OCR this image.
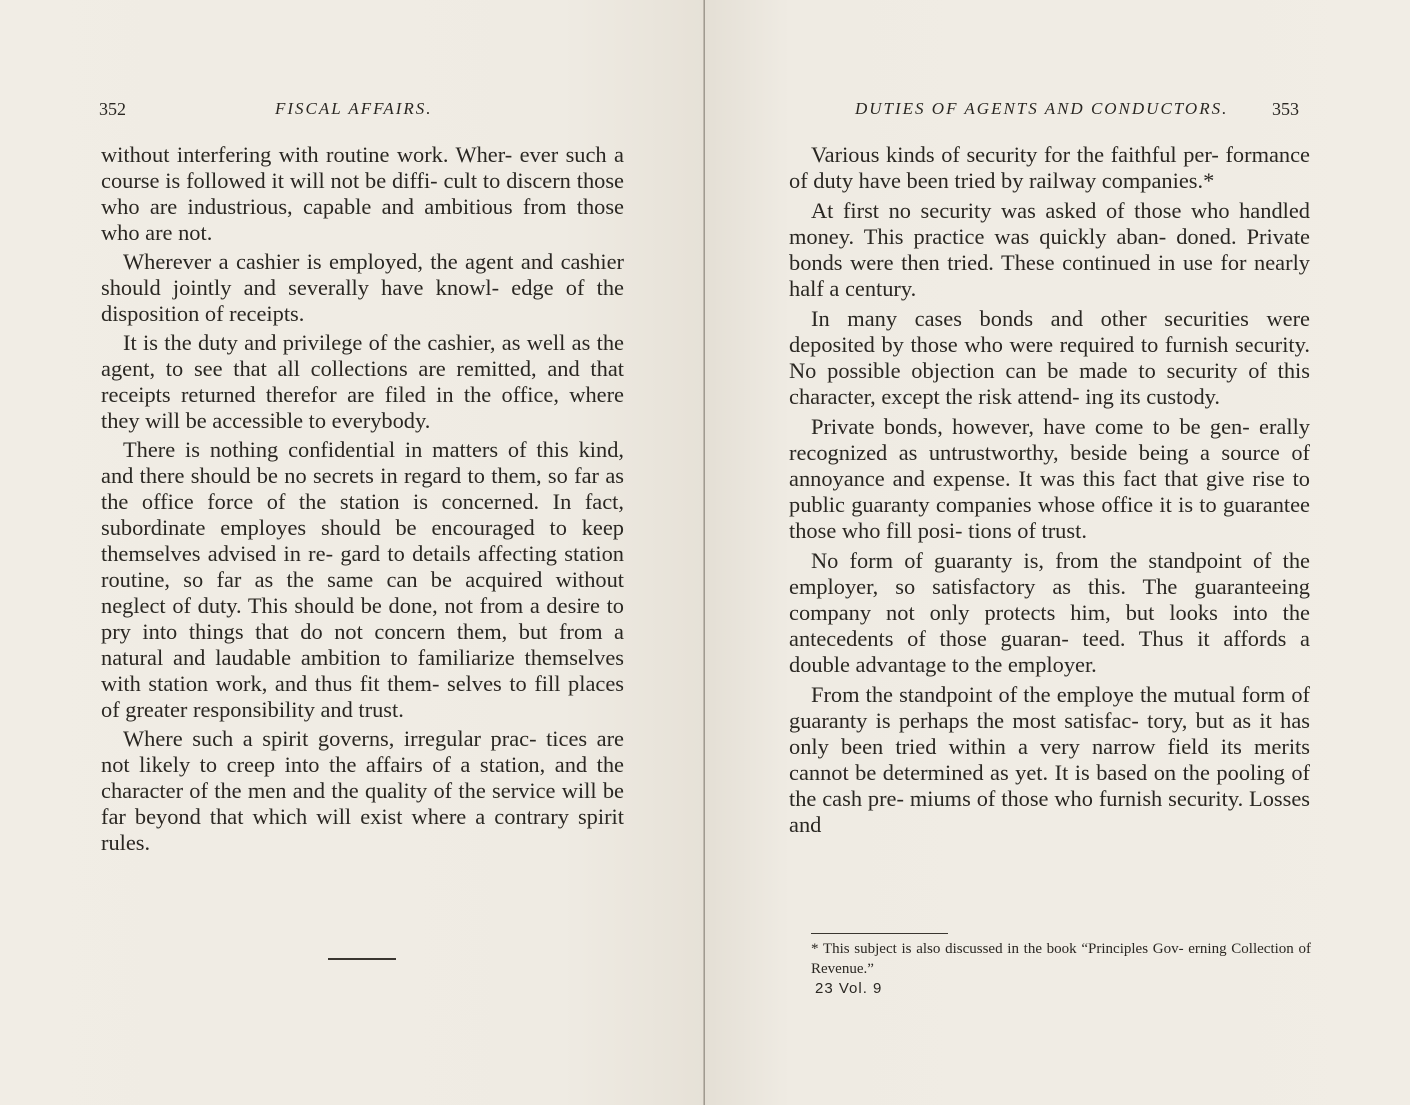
352	FISCAL AFFAIRS.

without interfering with routine work. Wher- ever such a course is followed it will not be diffi- cult to discern those who are industrious, capable and ambitious from those who are not.

Wherever a cashier is employed, the agent and cashier should jointly and severally have knowl- edge of the disposition of receipts.

It is the duty and privilege of the cashier, as well as the agent, to see that all collections are remitted, and that receipts returned therefor are filed in the office, where they will be accessible to everybody.

There is nothing confidential in matters of this kind, and there should be no secrets in regard to them, so far as the office force of the station is concerned. In fact, subordinate employes should be encouraged to keep themselves advised in re- gard to details affecting station routine, so far as the same can be acquired without neglect of duty. This should be done, not from a desire to pry into things that do not concern them, but from a natural and laudable ambition to familiarize themselves with station work, and thus fit them- selves to fill places of greater responsibility and trust.

Where such a spirit governs, irregular prac- tices are not likely to creep into the affairs of a station, and the character of the men and the quality of the service will be far beyond that which will exist where a contrary spirit rules.

DUTIES OF AGENTS AND CONDUCTORS. 353

Various kinds of security for the faithful per- formance of duty have been tried by railway companies.*

At first no security was asked of those who handled money. This practice was quickly aban- doned. Private bonds were then tried. These continued in use for nearly half a century.

In many cases bonds and other securities were deposited by those who were required to furnish security. No possible objection can be made to security of this character, except the risk attend- ing its custody.

Private bonds, however, have come to be gen- erally recognized as untrustworthy, beside being a source of annoyance and expense. It was this fact that give rise to public guaranty companies whose office it is to guarantee those who fill posi- tions of trust.

No form of guaranty is, from the standpoint of the employer, so satisfactory as this. The guaranteeing company not only protects him, but looks into the antecedents of those guaran- teed. Thus it affords a double advantage to the employer.

From the standpoint of the employe the mutual form of guaranty is perhaps the most satisfac- tory, but as it has only been tried within a very narrow field its merits cannot be determined as yet. It is based on the pooling of the cash pre- miums of those who furnish security. Losses and

* This subject is also discussed in the book “Principles Gov- erning Collection of Revenue.”
23 Vol. 9
